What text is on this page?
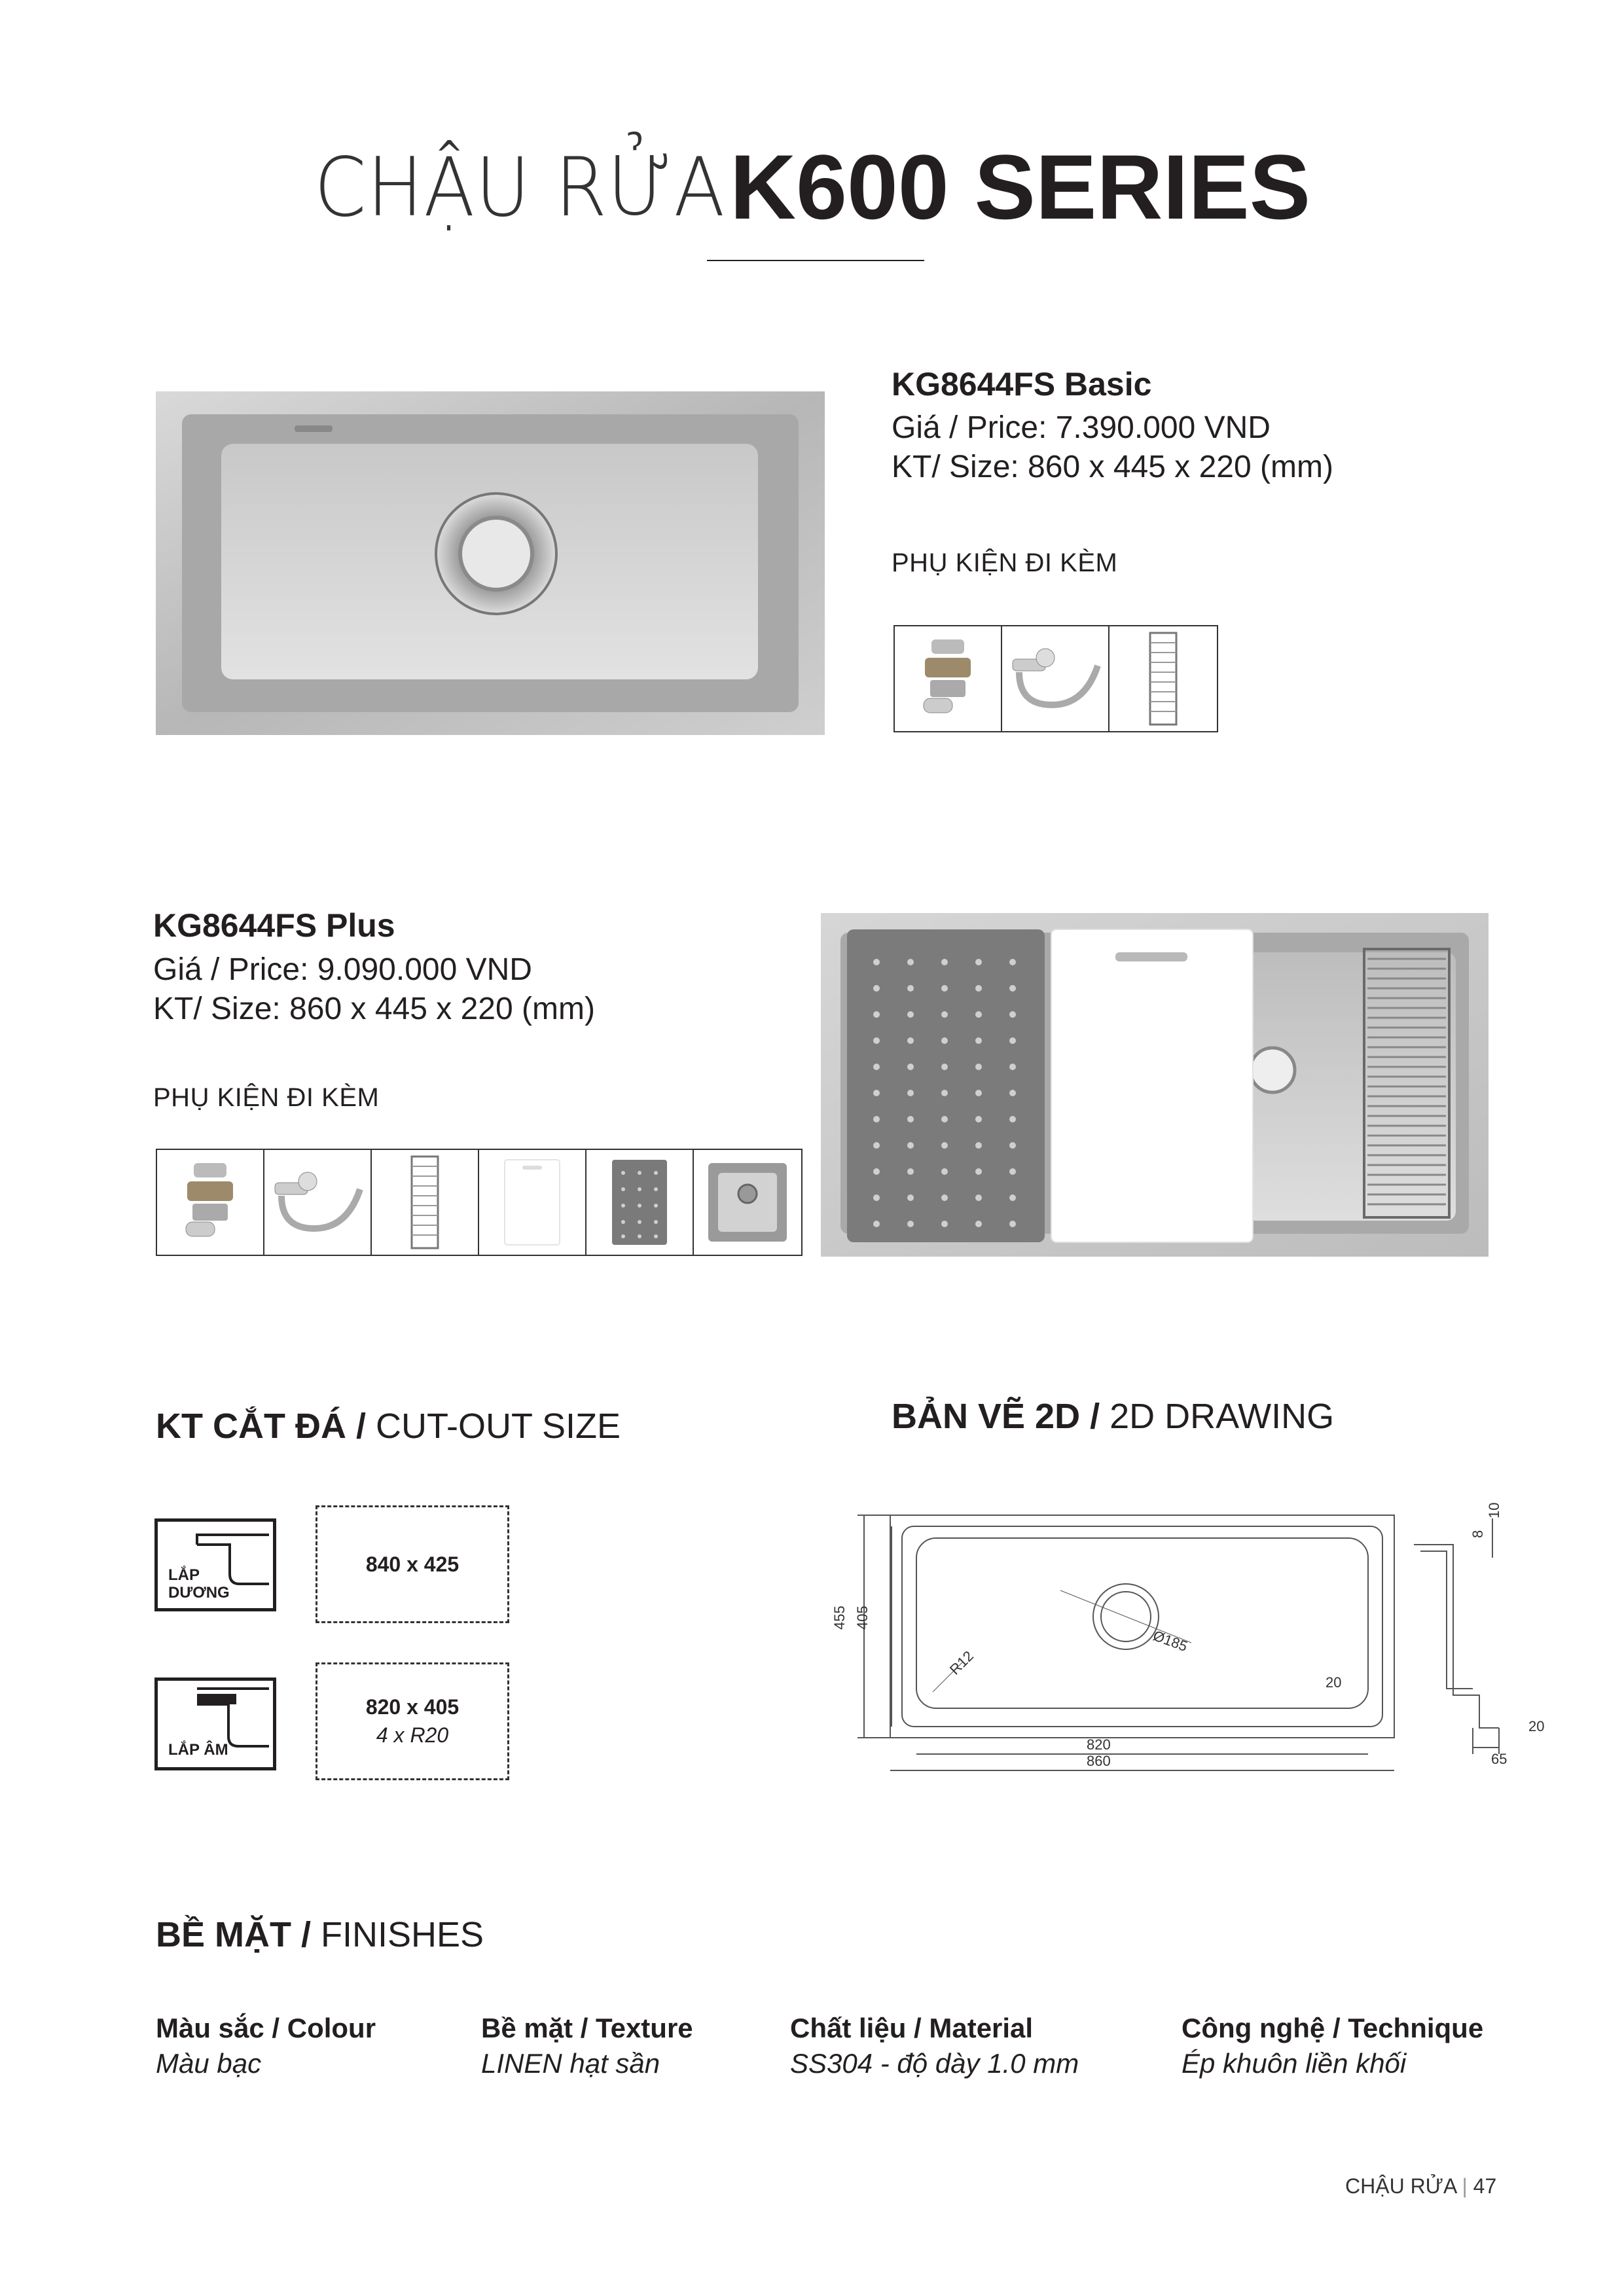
CHẬU RỬA K600 SERIES
KG8644FS Basic
Giá / Price: 7.390.000 VND
KT/ Size: 860 x 445 x 220 (mm)
PHỤ KIỆN ĐI KÈM
KG8644FS Plus
Giá / Price: 9.090.000 VND
KT/ Size: 860 x 445 x 220 (mm)
PHỤ KIỆN ĐI KÈM
KT CẮT ĐÁ / CUT-OUT SIZE
LẮP
DƯƠNG
840 x 425
LẮP ÂM
820 x 405
4 x R20
BẢN VẼ 2D / 2D DRAWING
455 405
R12
Ø185
20
820
860
10
8
20
65
BỀ MẶT / FINISHES
Màu sắc / Colour
Màu bạc
Bề mặt / Texture
LINEN hạt sần
Chất liệu / Material
SS304 - độ dày 1.0 mm
Công nghệ / Technique
Ép khuôn liền khối
CHẬU RỬA | 47
